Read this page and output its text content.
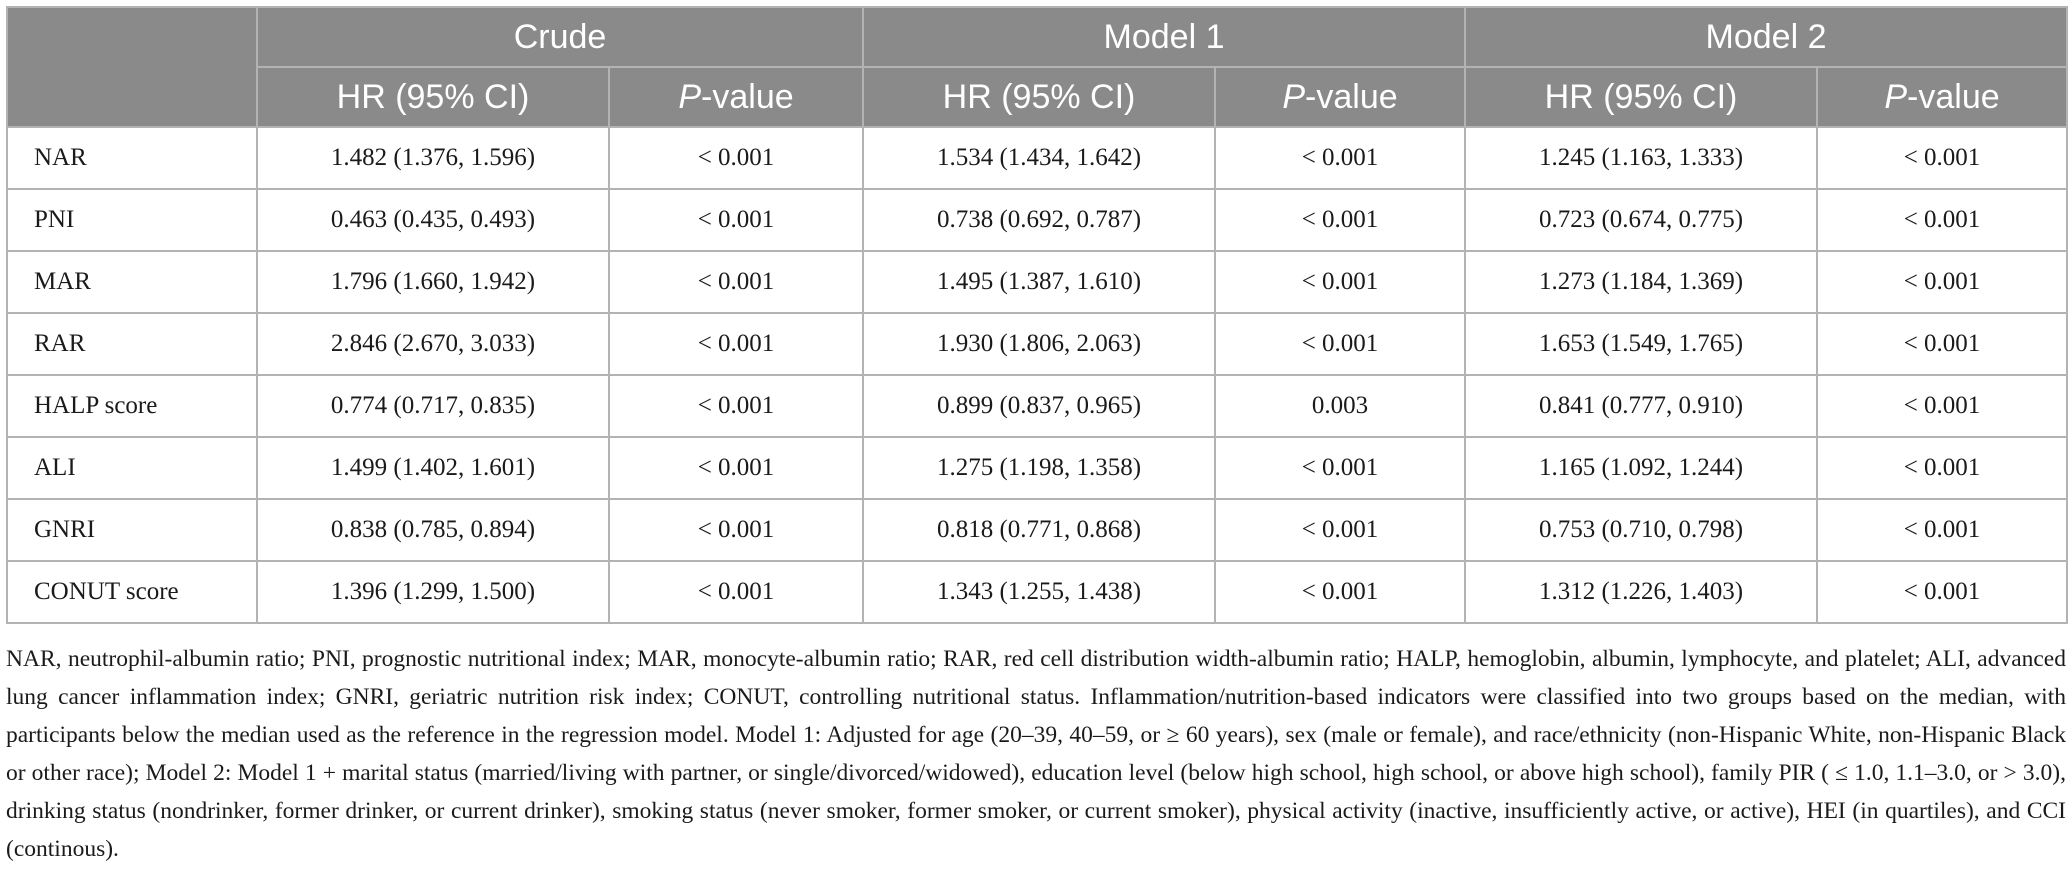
	Crude		Model 1		Model 2	
	HR (95% CI)	P-value	HR (95% CI)	P-value	HR (95% CI)	P-value
NAR	1.482 (1.376, 1.596)	< 0.001	1.534 (1.434, 1.642)	< 0.001	1.245 (1.163, 1.333)	< 0.001
PNI	0.463 (0.435, 0.493)	< 0.001	0.738 (0.692, 0.787)	< 0.001	0.723 (0.674, 0.775)	< 0.001
MAR	1.796 (1.660, 1.942)	< 0.001	1.495 (1.387, 1.610)	< 0.001	1.273 (1.184, 1.369)	< 0.001
RAR	2.846 (2.670, 3.033)	< 0.001	1.930 (1.806, 2.063)	< 0.001	1.653 (1.549, 1.765)	< 0.001
HALP score	0.774 (0.717, 0.835)	< 0.001	0.899 (0.837, 0.965)	0.003	0.841 (0.777, 0.910)	< 0.001
ALI	1.499 (1.402, 1.601)	< 0.001	1.275 (1.198, 1.358)	< 0.001	1.165 (1.092, 1.244)	< 0.001
GNRI	0.838 (0.785, 0.894)	< 0.001	0.818 (0.771, 0.868)	< 0.001	0.753 (0.710, 0.798)	< 0.001
CONUT score	1.396 (1.299, 1.500)	< 0.001	1.343 (1.255, 1.438)	< 0.001	1.312 (1.226, 1.403)	< 0.001

NAR, neutrophil-albumin ratio; PNI, prognostic nutritional index; MAR, monocyte-albumin ratio; RAR, red cell distribution width-albumin ratio; HALP, hemoglobin, albumin, lymphocyte, and platelet; ALI, advanced lung cancer inflammation index; GNRI, geriatric nutrition risk index; CONUT, controlling nutritional status. Inflammation/nutrition-based indicators were classified into two groups based on the median, with participants below the median used as the reference in the regression model. Model 1: Adjusted for age (20–39, 40–59, or ≥ 60 years), sex (male or female), and race/ethnicity (non-Hispanic White, non-Hispanic Black or other race); Model 2: Model 1 + marital status (married/living with partner, or single/divorced/widowed), education level (below high school, high school, or above high school), family PIR ( ≤ 1.0, 1.1–3.0, or > 3.0), drinking status (nondrinker, former drinker, or current drinker), smoking status (never smoker, former smoker, or current smoker), physical activity (inactive, insufficiently active, or active), HEI (in quartiles), and CCI (continous).
